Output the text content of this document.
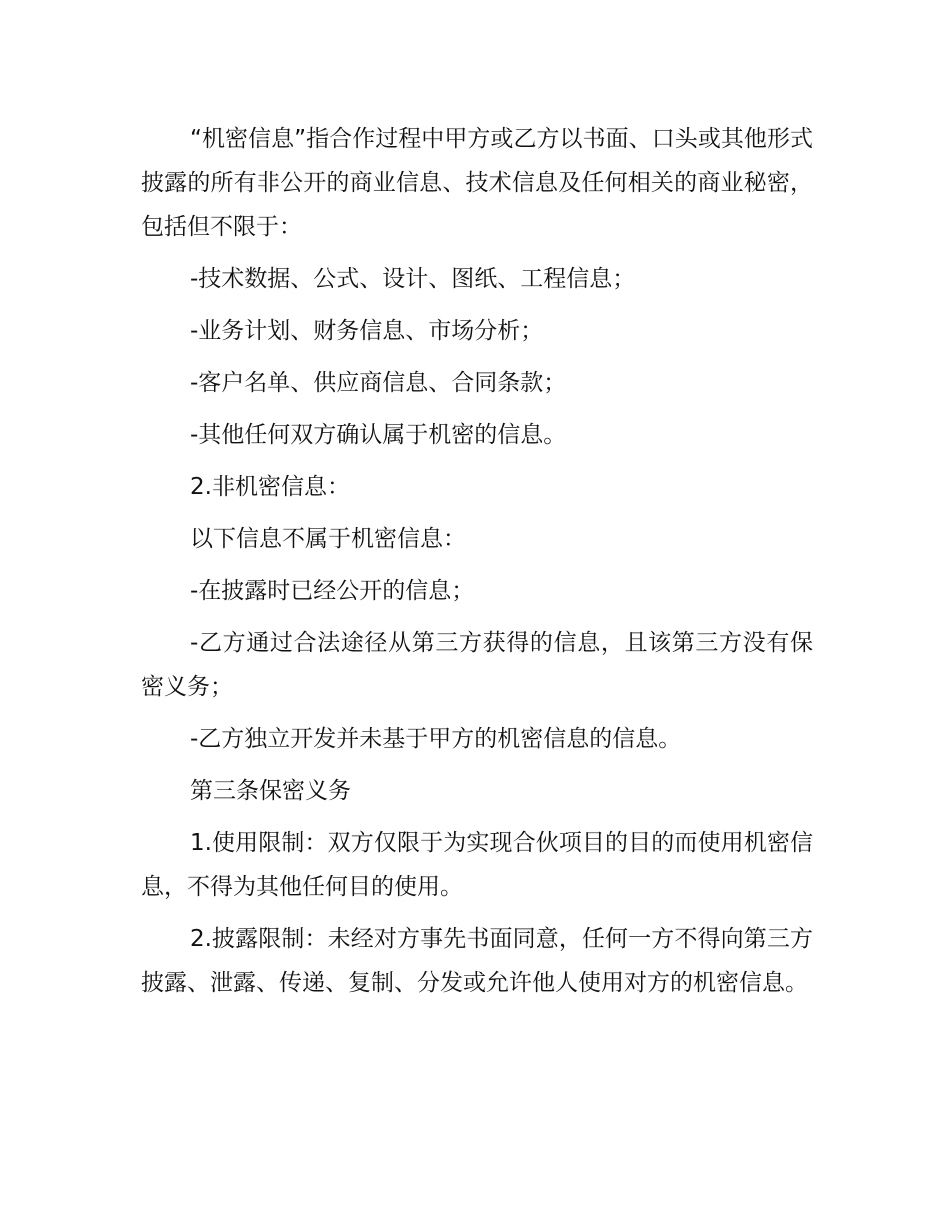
“机密信息”指合作过程中甲方或乙方以书面、口头或其他形式披露的所有非公开的商业信息、技术信息及任何相关的商业秘密，包括但不限于：

-技术数据、公式、设计、图纸、工程信息；

-业务计划、财务信息、市场分析；

-客户名单、供应商信息、合同条款；

-其他任何双方确认属于机密的信息。

2.非机密信息：

以下信息不属于机密信息：

-在披露时已经公开的信息；

-乙方通过合法途径从第三方获得的信息，且该第三方没有保密义务；

-乙方独立开发并未基于甲方的机密信息的信息。

第三条保密义务

1.使用限制：双方仅限于为实现合伙项目的目的而使用机密信息，不得为其他任何目的使用。

2.披露限制：未经对方事先书面同意，任何一方不得向第三方披露、泄露、传递、复制、分发或允许他人使用对方的机密信息。
